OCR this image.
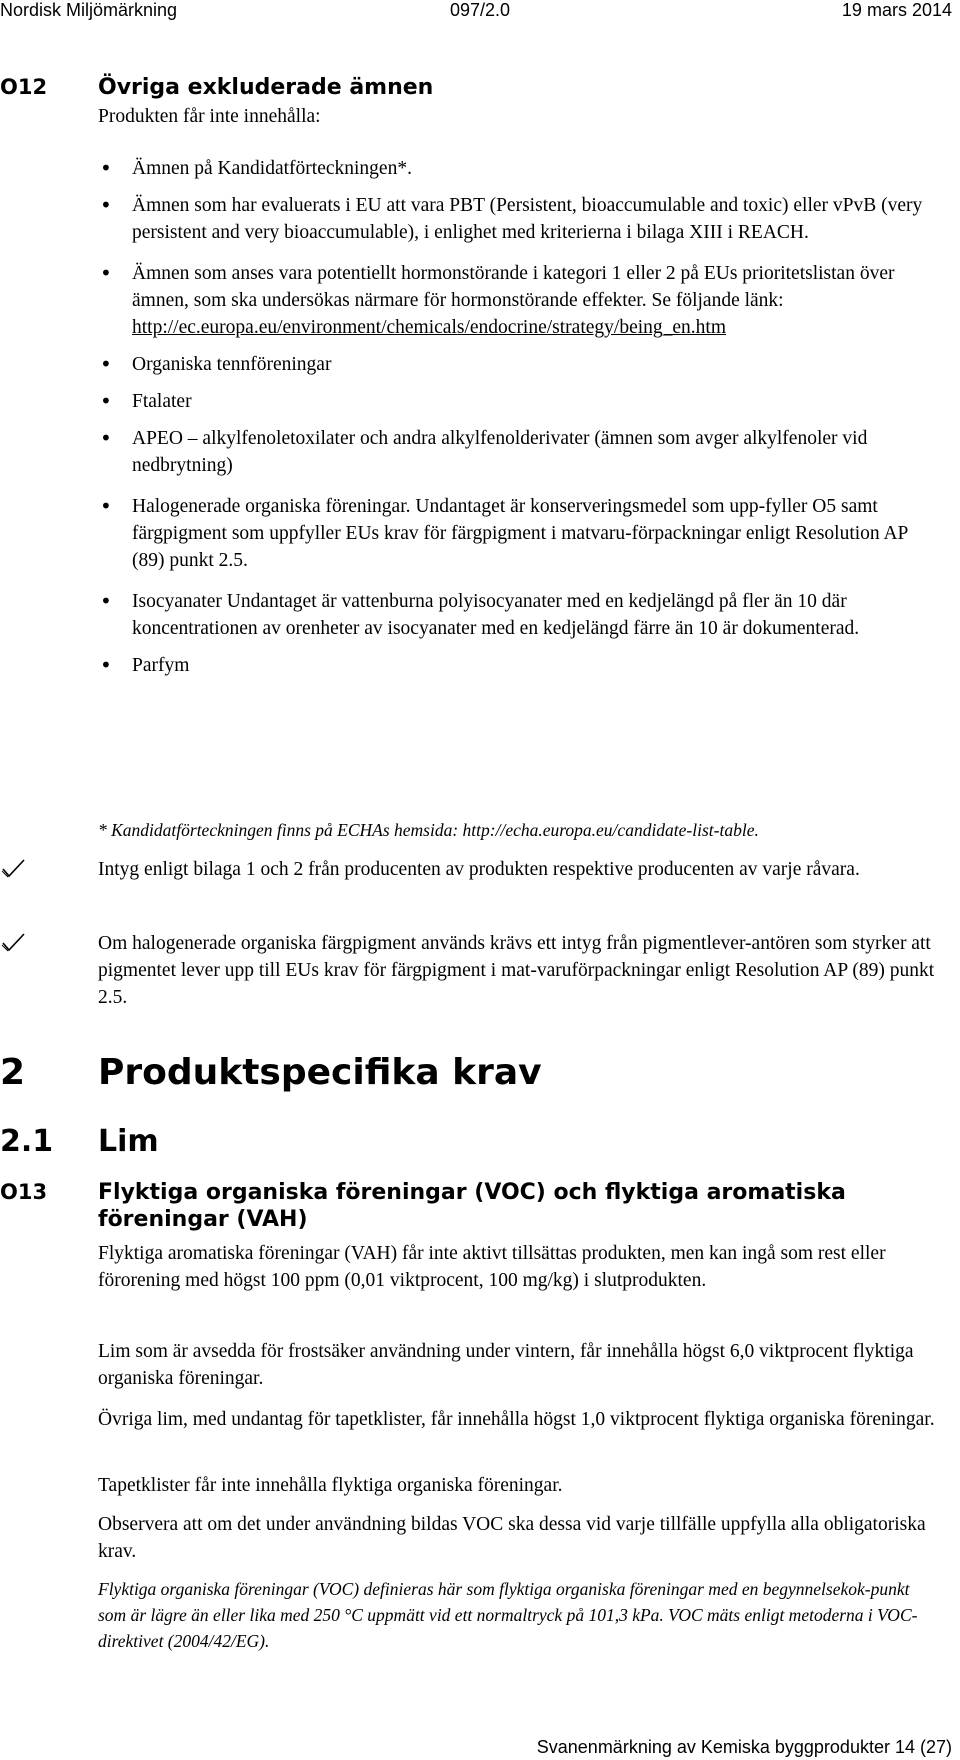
Nordisk Miljömärkning	097/2.0	19 mars 2014
O12 Övriga exkluderade ämnen
Produkten får inte innehålla:
• Ämnen på Kandidatförteckningen*.
• Ämnen som har evaluerats i EU att vara PBT (Persistent, bioaccumulable and toxic) eller vPvB (very persistent and very bioaccumulable), i enlighet med kriterierna i bilaga XIII i REACH.
• Ämnen som anses vara potentiellt hormonstörande i kategori 1 eller 2 på EUs prioritetslistan över ämnen, som ska undersökas närmare för hormonstörande effekter. Se följande länk:
http://ec.europa.eu/environment/chemicals/endocrine/strategy/being_en.htm
• Organiska tennföreningar
• Ftalater
• APEO – alkylfenoletoxilater och andra alkylfenolderivater (ämnen som avger alkylfenoler vid nedbrytning)
• Halogenerade organiska föreningar. Undantaget är konserveringsmedel som upp-fyller O5 samt färgpigment som uppfyller EUs krav för färgpigment i matvaru-förpackningar enligt Resolution AP (89) punkt 2.5.
• Isocyanater Undantaget är vattenburna polyisocyanater med en kedjelängd på fler än 10 där koncentrationen av orenheter av isocyanater med en kedjelängd färre än 10 är dokumenterad.
• Parfym
* Kandidatförteckningen finns på ECHAs hemsida: http://echa.europa.eu/candidate-list-table.
Intyg enligt bilaga 1 och 2 från producenten av produkten respektive producenten av varje råvara.
Om halogenerade organiska färgpigment används krävs ett intyg från pigmentlever-antören som styrker att pigmentet lever upp till EUs krav för färgpigment i mat-varuförpackningar enligt Resolution AP (89) punkt 2.5.
2 Produktspecifika krav
2.1 Lim
O13 Flyktiga organiska föreningar (VOC) och flyktiga aromatiska föreningar (VAH)
Flyktiga aromatiska föreningar (VAH) får inte aktivt tillsättas produkten, men kan ingå som rest eller förorening med högst 100 ppm (0,01 viktprocent, 100 mg/kg) i slutprodukten.
Lim som är avsedda för frostsäker användning under vintern, får innehålla högst 6,0 viktprocent flyktiga organiska föreningar.
Övriga lim, med undantag för tapetklister, får innehålla högst 1,0 viktprocent flyktiga organiska föreningar.
Tapetklister får inte innehålla flyktiga organiska föreningar.
Observera att om det under användning bildas VOC ska dessa vid varje tillfälle uppfylla alla obligatoriska krav.
Flyktiga organiska föreningar (VOC) definieras här som flyktiga organiska föreningar med en begynnelsekok-punkt som är lägre än eller lika med 250 °C uppmätt vid ett normaltryck på 101,3 kPa. VOC mäts enligt metoderna i VOC-direktivet (2004/42/EG).
Svanenmärkning av Kemiska byggprodukter 14 (27)
